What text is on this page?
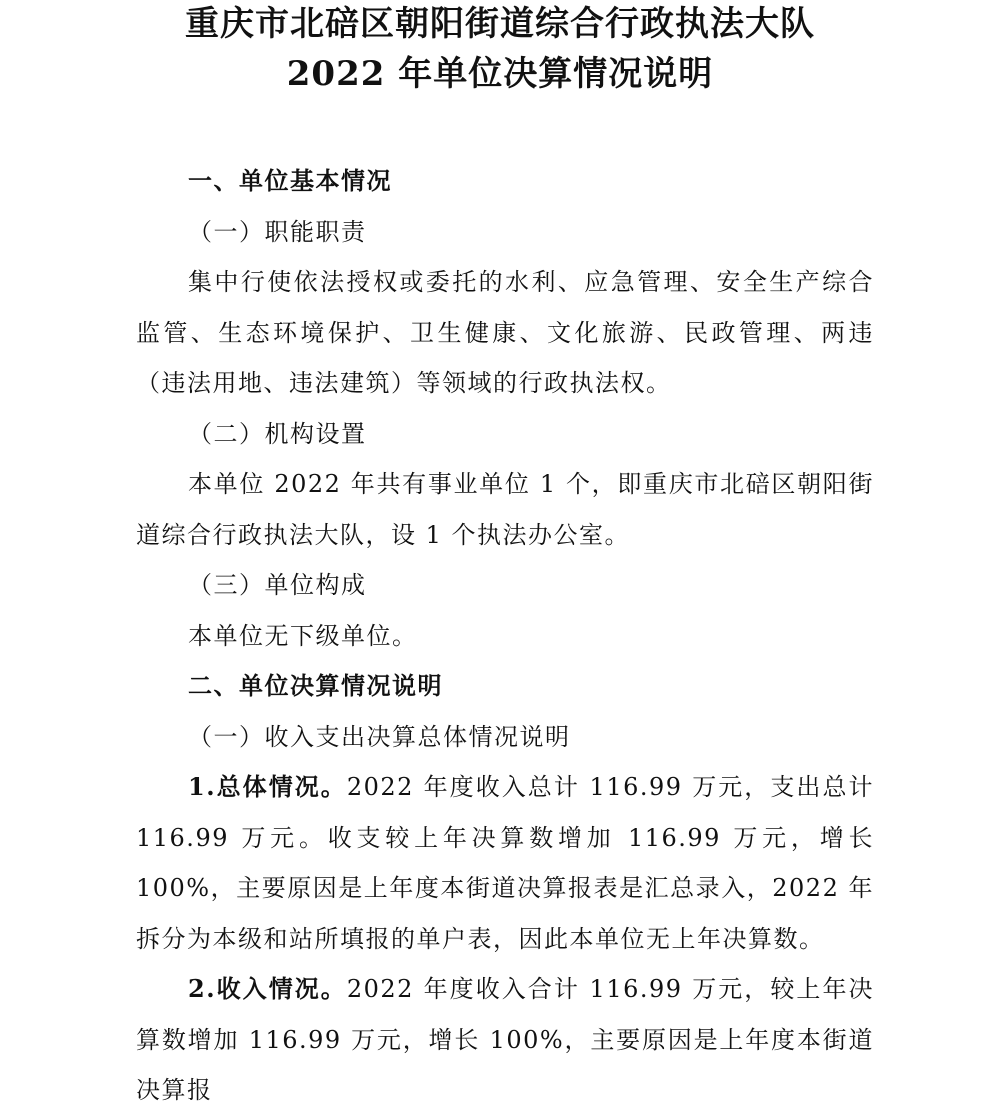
重庆市北碚区朝阳街道综合行政执法大队
2022 年单位决算情况说明

一、单位基本情况

（一）职能职责

集中行使依法授权或委托的水利、应急管理、安全生产综合监管、生态环境保护、卫生健康、文化旅游、民政管理、两违（违法用地、违法建筑）等领域的行政执法权。

（二）机构设置

本单位 2022 年共有事业单位 1 个，即重庆市北碚区朝阳街道综合行政执法大队，设 1 个执法办公室。

（三）单位构成

本单位无下级单位。

二、单位决算情况说明

（一）收入支出决算总体情况说明

1.总体情况。2022 年度收入总计 116.99 万元，支出总计 116.99 万元。收支较上年决算数增加 116.99 万元，增长 100%，主要原因是上年度本街道决算报表是汇总录入，2022 年拆分为本级和站所填报的单户表，因此本单位无上年决算数。

2.收入情况。2022 年度收入合计 116.99 万元，较上年决算数增加 116.99 万元，增长 100%，主要原因是上年度本街道决算报
